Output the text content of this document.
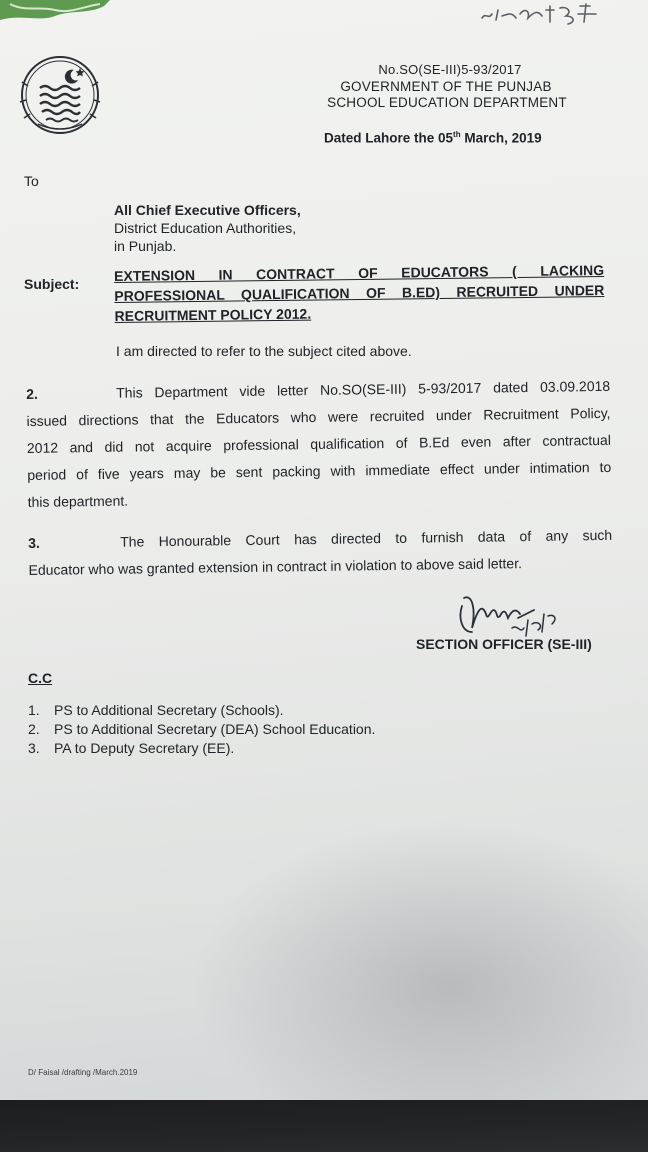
No.SO(SE-III)5-93/2017
GOVERNMENT OF THE PUNJAB
SCHOOL EDUCATION DEPARTMENT
Dated Lahore the 05th March, 2019
To
All Chief Executive Officers,
District Education Authorities,
in Punjab.
Subject:
EXTENSION IN CONTRACT OF EDUCATORS ( LACKING
PROFESSIONAL QUALIFICATION OF B.ED) RECRUITED UNDER
RECRUITMENT POLICY 2012.
I am directed to refer to the subject cited above.
2.	This Department vide letter No.SO(SE-III) 5-93/2017 dated 03.09.2018
issued directions that the Educators who were recruited under Recruitment Policy,
2012 and did not acquire professional qualification of B.Ed even after contractual
period of five years may be sent packing with immediate effect under intimation to
this department.
3.	The Honourable Court has directed to furnish data of any such
Educator who was granted extension in contract in violation to above said letter.
SECTION OFFICER (SE-III)
C.C
1. PS to Additional Secretary (Schools).
2. PS to Additional Secretary (DEA) School Education.
3. PA to Deputy Secretary (EE).
D/ Faisal /drafting /March.2019
